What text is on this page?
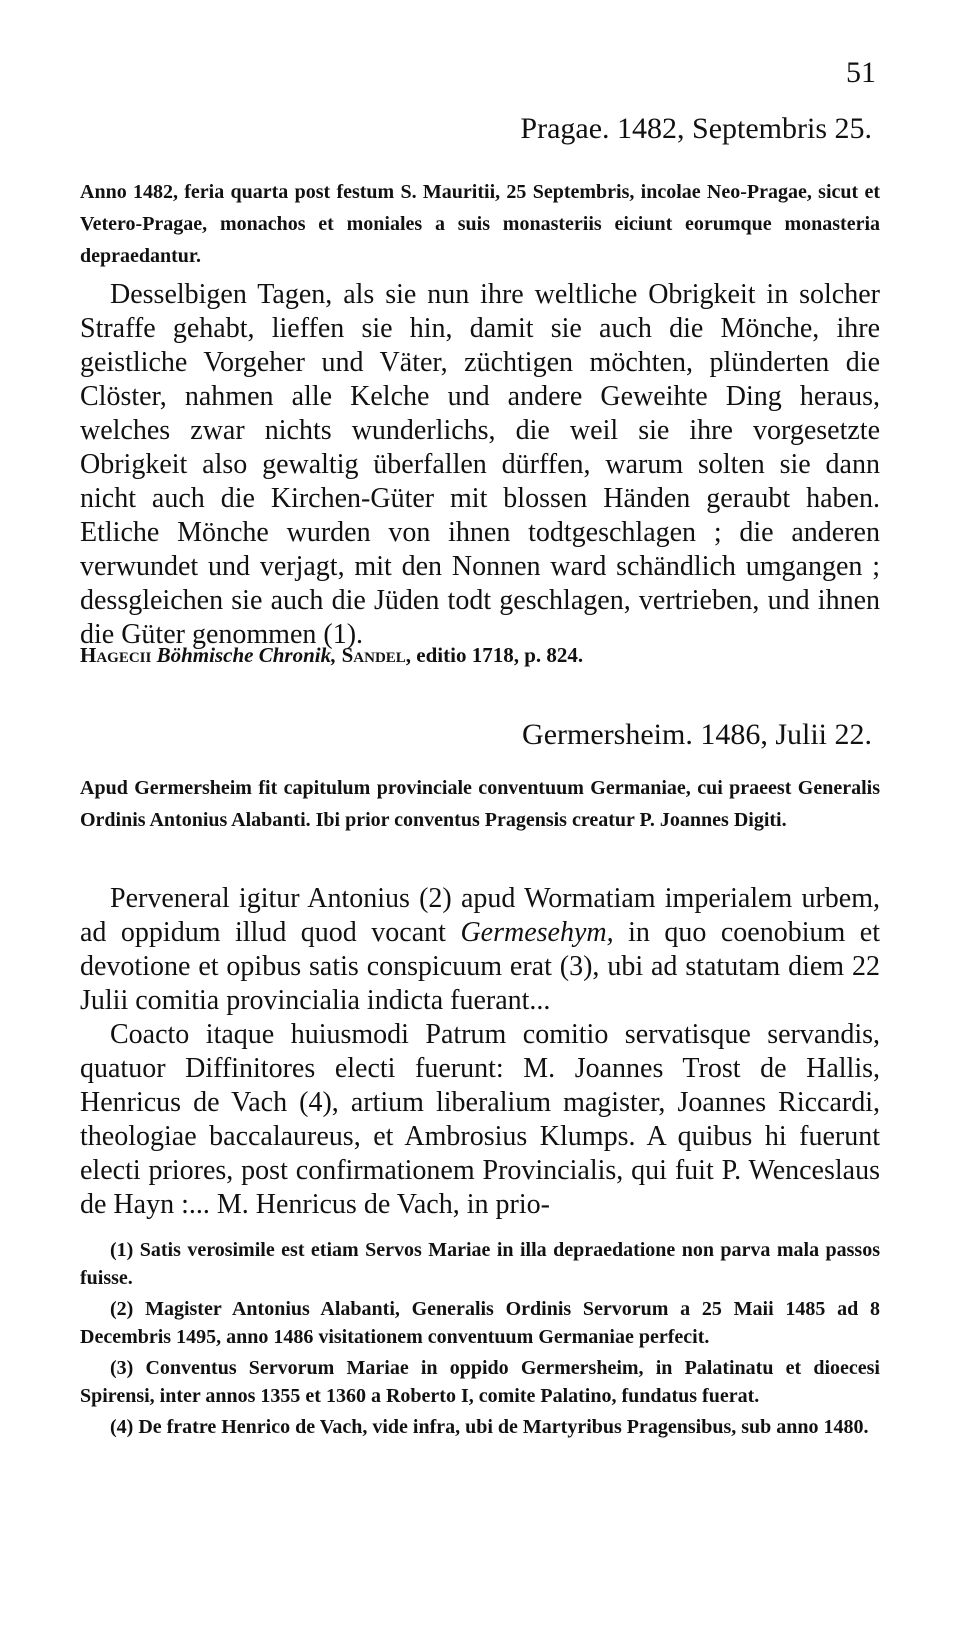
51
Pragae. 1482, Septembris 25.
Anno 1482, feria quarta post festum S. Mauritii, 25 Septembris, incolae Neo-Pragae, sicut et Vetero-Pragae, monachos et moniales a suis monasteriis eiciunt eorumque monasteria depraedantur.
Desselbigen Tagen, als sie nun ihre weltliche Obrigkeit in solcher Straffe gehabt, lieffen sie hin, damit sie auch die Mönche, ihre geistliche Vorgeher und Väter, züchtigen möchten, plünderten die Clöster, nahmen alle Kelche und andere Geweihte Ding heraus, welches zwar nichts wunderlichs, die weil sie ihre vorgesetzte Obrigkeit also gewaltig überfallen dürffen, warum solten sie dann nicht auch die Kirchen-Güter mit blossen Händen geraubt haben. Etliche Mönche wurden von ihnen todtgeschlagen ; die anderen verwundet und verjagt, mit den Nonnen ward schändlich umgangen ; dessgleichen sie auch die Jüden todt geschlagen, vertrieben, und ihnen die Güter genommen (1).
Hagecii Böhmische Chronik, Sandel, editio 1718, p. 824.
Germersheim. 1486, Julii 22.
Apud Germersheim fit capitulum provinciale conventuum Germaniae, cui praeest Generalis Ordinis Antonius Alabanti. Ibi prior conventus Pragensis creatur P. Joannes Digiti.
Perveneral igitur Antonius (2) apud Wormatiam imperialem urbem, ad oppidum illud quod vocant Germesehym, in quo coenobium et devotione et opibus satis conspicuum erat (3), ubi ad statutam diem 22 Julii comitia provincialia indicta fuerant...
Coacto itaque huiusmodi Patrum comitio servatisque servandis, quatuor Diffinitores electi fuerunt: M. Joannes Trost de Hallis, Henricus de Vach (4), artium liberalium magister, Joannes Riccardi, theologiae baccalaureus, et Ambrosius Klumps. A quibus hi fuerunt electi priores, post confirmationem Provincialis, qui fuit P. Wenceslaus de Hayn :... M. Henricus de Vach, in prio-

(1) Satis verosimile est etiam Servos Mariae in illa depraedatione non parva mala passos fuisse.

(2) Magister Antonius Alabanti, Generalis Ordinis Servorum a 25 Maii 1485 ad 8 Decembris 1495, anno 1486 visitationem conventuum Germaniae perfecit.

(3) Conventus Servorum Mariae in oppido Germersheim, in Palatinatu et dioecesi Spirensi, inter annos 1355 et 1360 a Roberto I, comite Palatino, fundatus fuerat.

(4) De fratre Henrico de Vach, vide infra, ubi de Martyribus Pragensibus, sub anno 1480.
